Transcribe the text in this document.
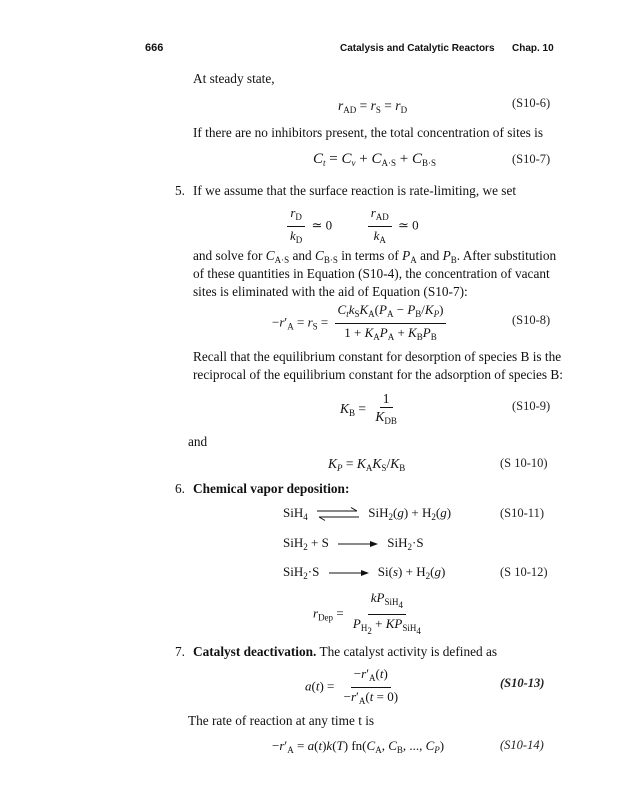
666	Catalysis and Catalytic Reactors Chap. 10
At steady state,
$r_{AD} = r_S = r_D$	(S10-6)
If there are no inhibitors present, the total concentration of sites is
$C_t = C_v + C_{A\cdot S} + C_{B\cdot S}$	(S10-7)
5. If we assume that the surface reaction is rate-limiting, we set
$\frac{r_D}{k_D}$ ≃ $0 \frac{r_{AD}}{k_A}$ ≃ 0
and solve for $C_{A\cdot S}$ and $C_{B\cdot S}$ in terms of $P_A$ and $P_B$. After substitution
of these quantities in Equation (S10-4), the concentration of vacant
sites is eliminated with the aid of Equation (S10-7):
$-r'_A = r_S = \frac{C_tk_SK_A(P_A - P_B/K_P)}{1 + K_AP_A + K_BP_B}$	(S10-8)
Recall that the equilibrium constant for desorption of species B is the
reciprocal of the equilibrium constant for the adsorption of species B:
$K_B = \frac{1}{K_{DB}}$	(S10-9)
and
$K_P = K_AK_S/K_B$	(S 10-10)
6. Chemical vapor deposition:
SiH$_4$ ⇌ $SiH_2(g) + H_2(g)$	(S10-11)
SiH$_2$ + S → SiH$_2$·S
$SiH_2\cdot S \to Si(s) + H_2(g)$	(S 10-12)
$r_{Dep} = \frac{kP_{SiH_4}}{P_{H_2} + KP_{SiH_4}}$
7. Catalyst deactivation. The catalyst activity is defined as
$a(t) = \frac{-r'_A(t)}{-r'_A(t = 0)}$	(S10-13)
The rate of reaction at any time t is
$-r'_A = a(t)k(T)$ $fn(C_A$, $C_B$, ..., $C_P$)	(S10-14)
